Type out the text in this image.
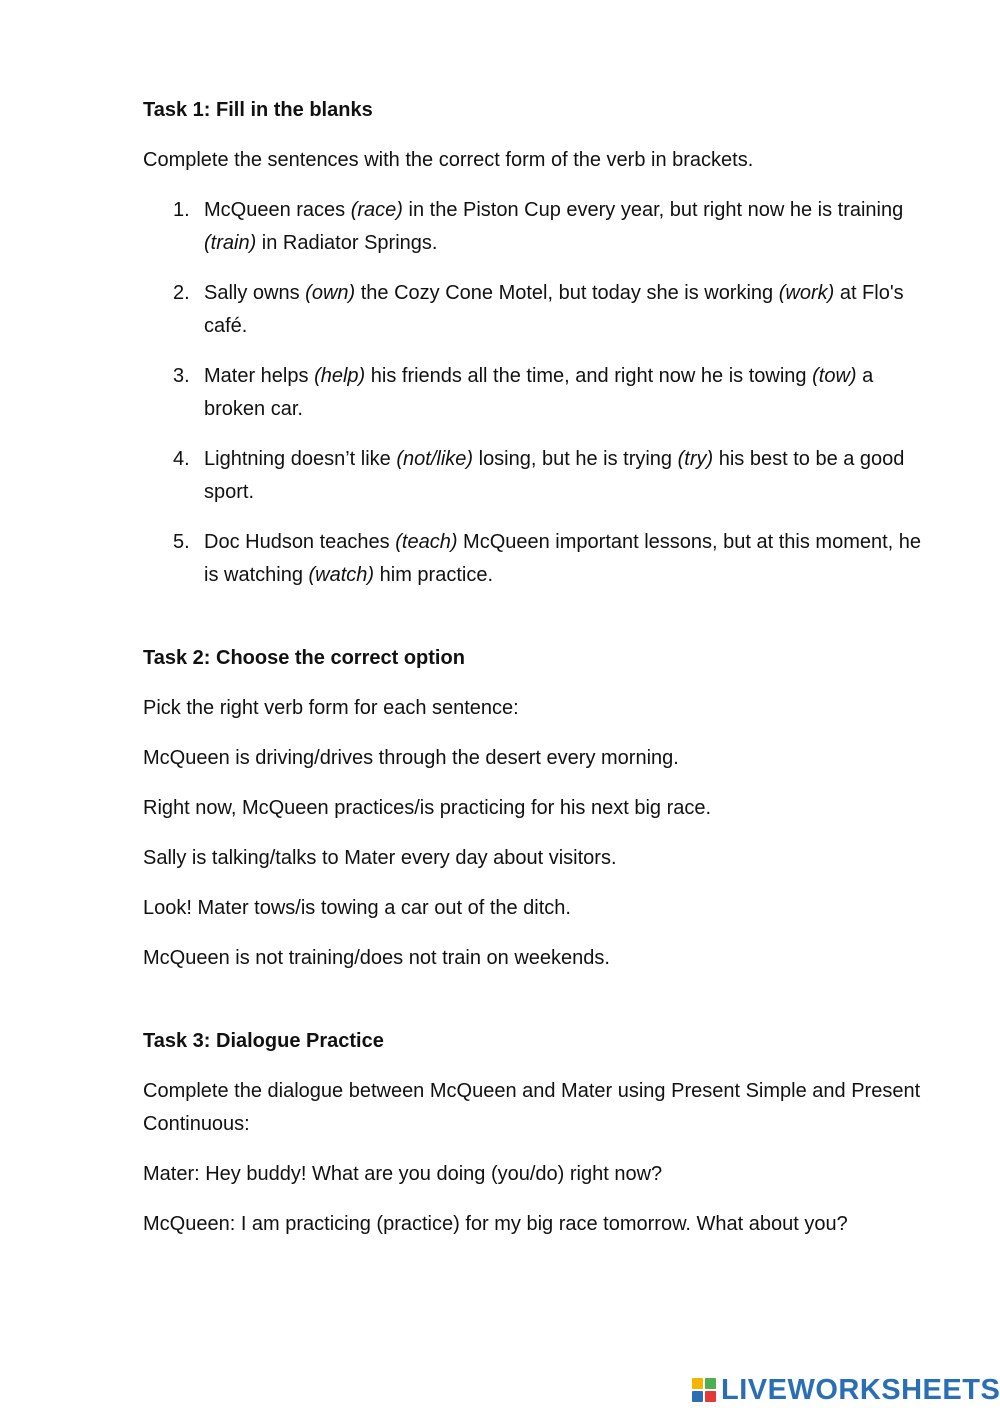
Task 1: Fill in the blanks
Complete the sentences with the correct form of the verb in brackets.
1. McQueen races (race) in the Piston Cup every year, but right now he is training (train) in Radiator Springs.
2. Sally owns (own) the Cozy Cone Motel, but today she is working (work) at Flo's café.
3. Mater helps (help) his friends all the time, and right now he is towing (tow) a broken car.
4. Lightning doesn’t like (not/like) losing, but he is trying (try) his best to be a good sport.
5. Doc Hudson teaches (teach) McQueen important lessons, but at this moment, he is watching (watch) him practice.
Task 2: Choose the correct option
Pick the right verb form for each sentence:
McQueen is driving/drives through the desert every morning.
Right now, McQueen practices/is practicing for his next big race.
Sally is talking/talks to Mater every day about visitors.
Look! Mater tows/is towing a car out of the ditch.
McQueen is not training/does not train on weekends.
Task 3: Dialogue Practice
Complete the dialogue between McQueen and Mater using Present Simple and Present Continuous:
Mater: Hey buddy! What are you doing (you/do) right now?
McQueen: I am practicing (practice) for my big race tomorrow. What about you?
LIVEWORKSHEETS
